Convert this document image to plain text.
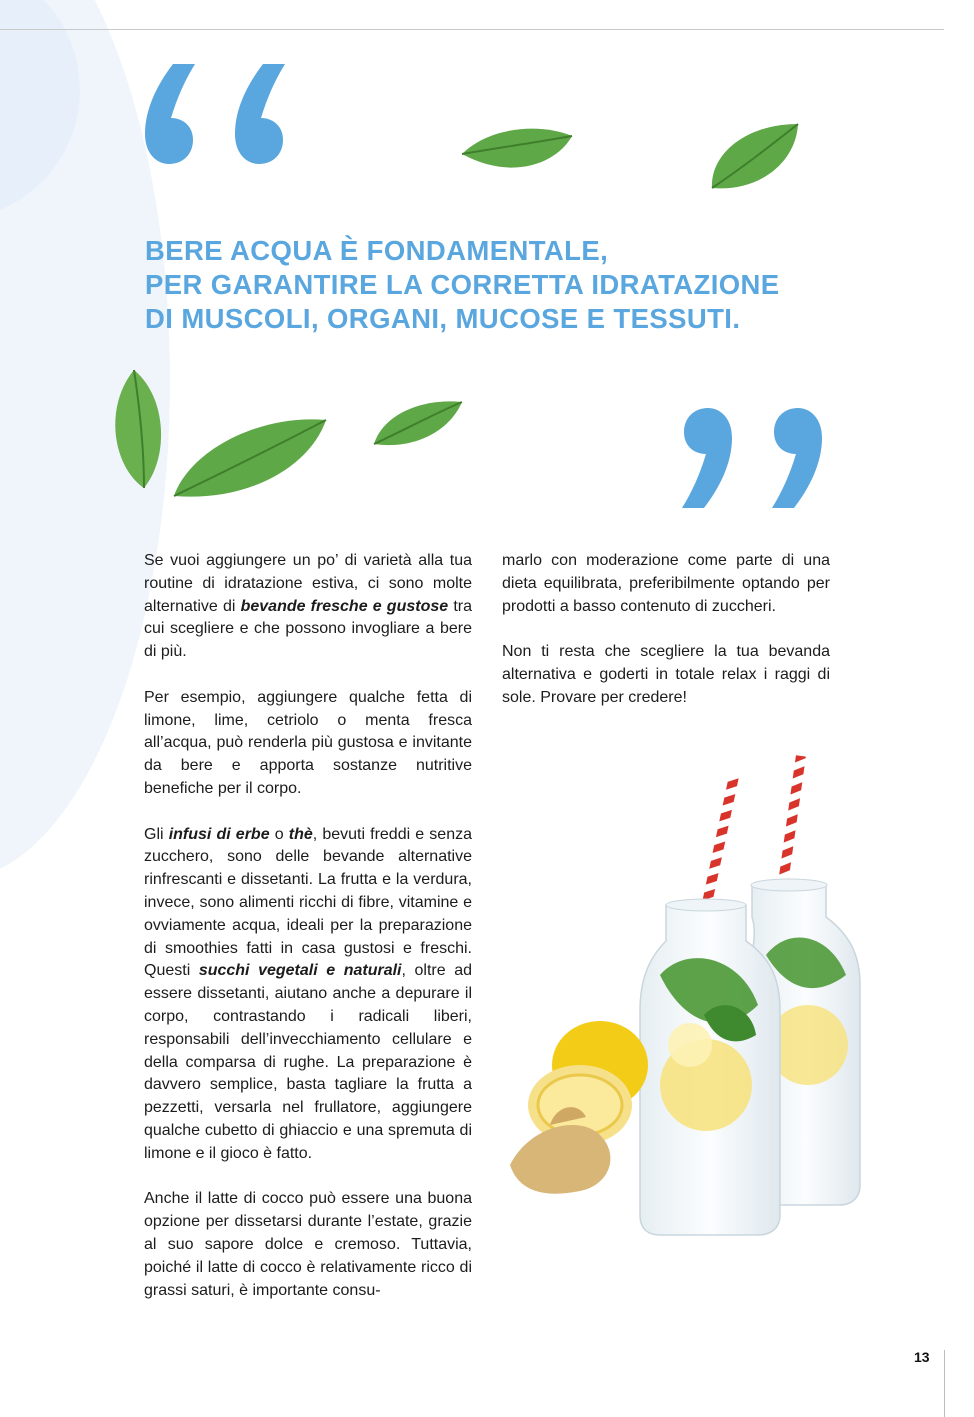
BERE ACQUA È FONDAMENTALE,
PER GARANTIRE LA CORRETTA IDRATAZIONE
DI MUSCOLI, ORGANI, MUCOSE E TESSUTI.

Se vuoi aggiungere un po’ di varietà alla tua routine di idratazione estiva, ci sono molte alternative di bevande fresche e gustose tra cui scegliere e che possono invogliare a bere di più.

Per esempio, aggiungere qualche fetta di limone, lime, cetriolo o menta fresca all’acqua, può renderla più gustosa e invitante da bere e apporta sostanze nutritive benefiche per il corpo.

Gli infusi di erbe o thè, bevuti freddi e senza zucchero, sono delle bevande alternative rinfrescanti e dissetanti. La frutta e la verdura, invece, sono alimenti ricchi di fibre, vitamine e ovviamente acqua, ideali per la preparazione di smoothies fatti in casa gustosi e freschi. Questi succhi vegetali e naturali, oltre ad essere dissetanti, aiutano anche a depurare il corpo, contrastando i radicali liberi, responsabili dell’invecchiamento cellulare e della comparsa di rughe. La preparazione è davvero semplice, basta tagliare la frutta a pezzetti, versarla nel frullatore, aggiungere qualche cubetto di ghiaccio e una spremuta di limone e il gioco è fatto.

Anche il latte di cocco può essere una buona opzione per dissetarsi durante l’estate, grazie al suo sapore dolce e cremoso. Tuttavia, poiché il latte di cocco è relativamente ricco di grassi saturi, è importante consu-

marlo con moderazione come parte di una dieta equilibrata, preferibilmente optando per prodotti a basso contenuto di zuccheri.

Non ti resta che scegliere la tua bevanda alternativa e goderti in totale relax i raggi di sole. Provare per credere!

13
